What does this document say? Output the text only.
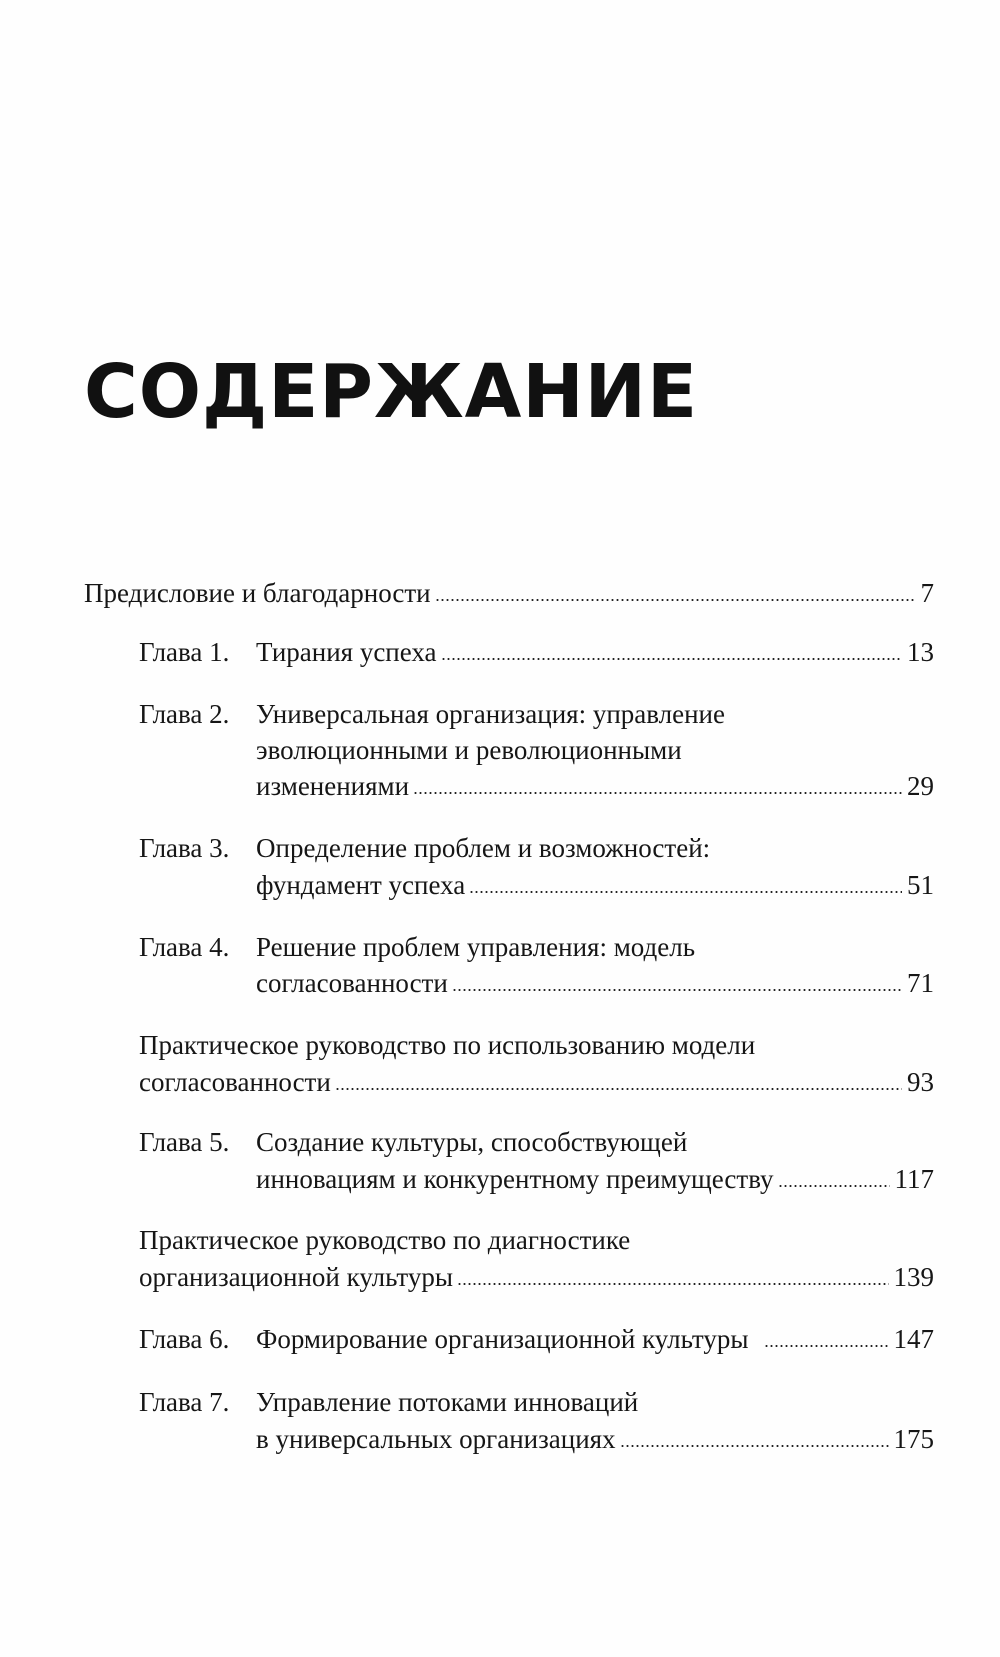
СОДЕРЖАНИЕ
Предисловие и благодарности	7
Глава 1. Тирания успеха	13
Глава 2. Универсальная организация: управление
эволюционными и революционными
изменениями	29
Глава 3. Определение проблем и возможностей:
фундамент успеха	51
Глава 4. Решение проблем управления: модель
согласованности	71
Практическое руководство по использованию модели
согласованности	93
Глава 5. Создание культуры, способствующей
инновациям и конкурентному преимуществу	117
Практическое руководство по диагностике
организационной культуры	139
Глава 6. Формирование организационной культуры	147
Глава 7. Управление потоками инноваций
в универсальных организациях	175
